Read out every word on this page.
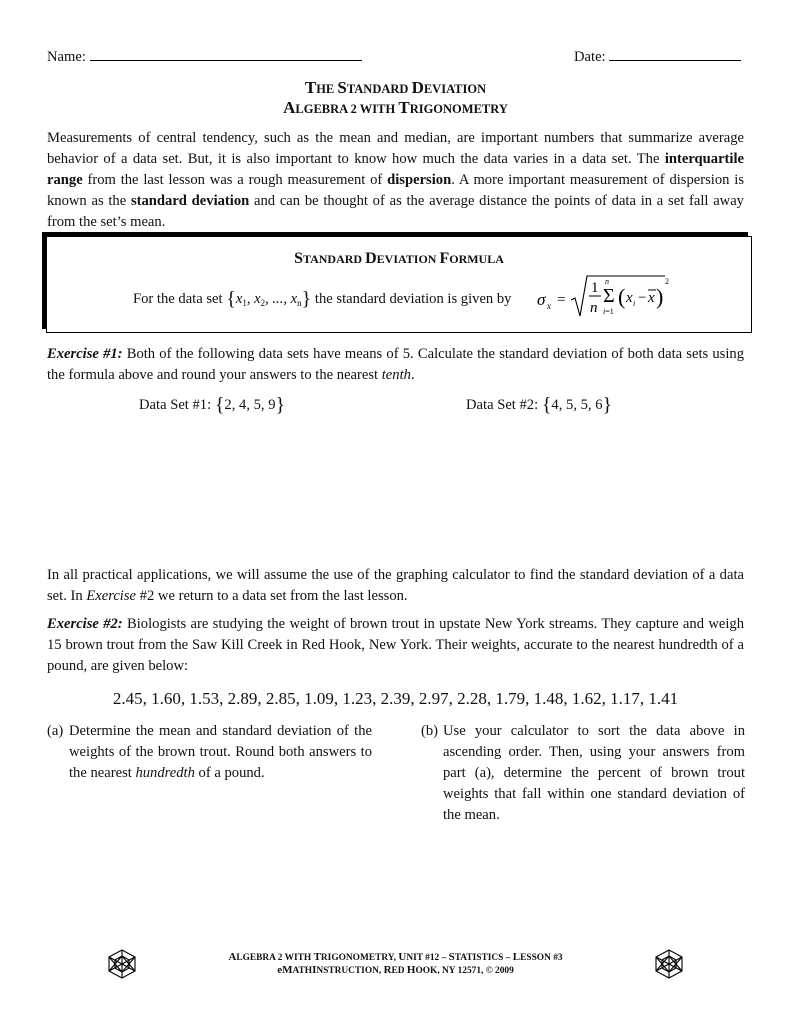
Name:	Date:
THE STANDARD DEVIATION
ALGEBRA 2 WITH TRIGONOMETRY
Measurements of central tendency, such as the mean and median, are important numbers that summarize average behavior of a data set. But, it is also important to know how much the data varies in a data set. The interquartile range from the last lesson was a rough measurement of dispersion. A more important measurement of dispersion is known as the standard deviation and can be thought of as the average distance the points of data in a set fall away from the set’s mean.
STANDARD DEVIATION FORMULA
For the data set {$x_1$, $x_2$, ..., $x_n$} the standard deviation is given by	σ x =
1
n
n
Σ
i=1
( x i − x )
2
Exercise #1: Both of the following data sets have means of 5. Calculate the standard deviation of both data sets using the formula above and round your answers to the nearest tenth.
Data Set #1: {2, 4, 5, 9}	Data Set #2: {4, 5, 5, 6}
In all practical applications, we will assume the use of the graphing calculator to find the standard deviation of a data set. In Exercise #2 we return to a data set from the last lesson.
Exercise #2: Biologists are studying the weight of brown trout in upstate New York streams. They capture and weigh 15 brown trout from the Saw Kill Creek in Red Hook, New York. Their weights, accurate to the nearest hundredth of a pound, are given below:
2.45, 1.60, 1.53, 2.89, 2.85, 1.09, 1.23, 2.39, 2.97, 2.28, 1.79, 1.48, 1.62, 1.17, 1.41
(a) Determine the mean and standard deviation of the weights of the brown trout. Round both answers to the nearest hundredth of a pound.
(b) Use your calculator to sort the data above in ascending order. Then, using your answers from part (a), determine the percent of brown trout weights that fall within one standard deviation of the mean.
ALGEBRA 2 WITH TRIGONOMETRY, UNIT #12 – STATISTICS – LESSON #3
eMATHINSTRUCTION, RED HOOK, NY 12571, © 2009
